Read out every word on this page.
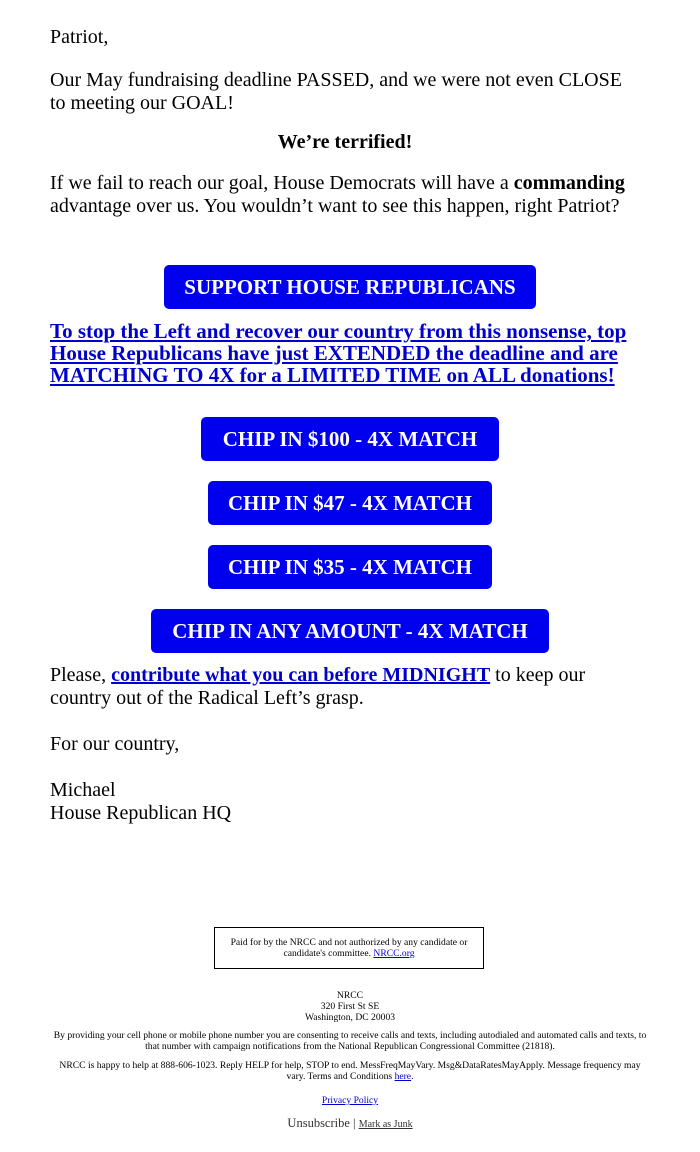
Patriot,

Our May fundraising deadline PASSED, and we were not even CLOSE to meeting our GOAL!

We’re terrified!

If we fail to reach our goal, House Democrats will have a commanding advantage over us. You wouldn’t want to see this happen, right Patriot?

To stop the Left and recover our country from this nonsense, top House Republicans have just EXTENDED the deadline and are MATCHING TO 4X for a LIMITED TIME on ALL donations!

Please, contribute what you can before MIDNIGHT to keep our country out of the Radical Left’s grasp.

For our country,

Michael

House Republican HQ

SUPPORT HOUSE REPUBLICANS
CHIP IN $100 - 4X MATCH
CHIP IN $47 - 4X MATCH
CHIP IN $35 - 4X MATCH
CHIP IN ANY AMOUNT - 4X MATCH
Paid for by the NRCC and not authorized by any candidate or candidate's committee. NRCC.org
NRCC
320 First St SE
Washington, DC 20003
By providing your cell phone or mobile phone number you are consenting to receive calls and texts, including autodialed and automated calls and texts, to that number with campaign notifications from the National Republican Congressional Committee (21818).
NRCC is happy to help at 888-606-1023. Reply HELP for help, STOP to end. MessFreqMayVary. Msg&DataRatesMayApply. Message frequency may vary. Terms and Conditions here.
Privacy Policy
Unsubscribe | Mark as Junk
